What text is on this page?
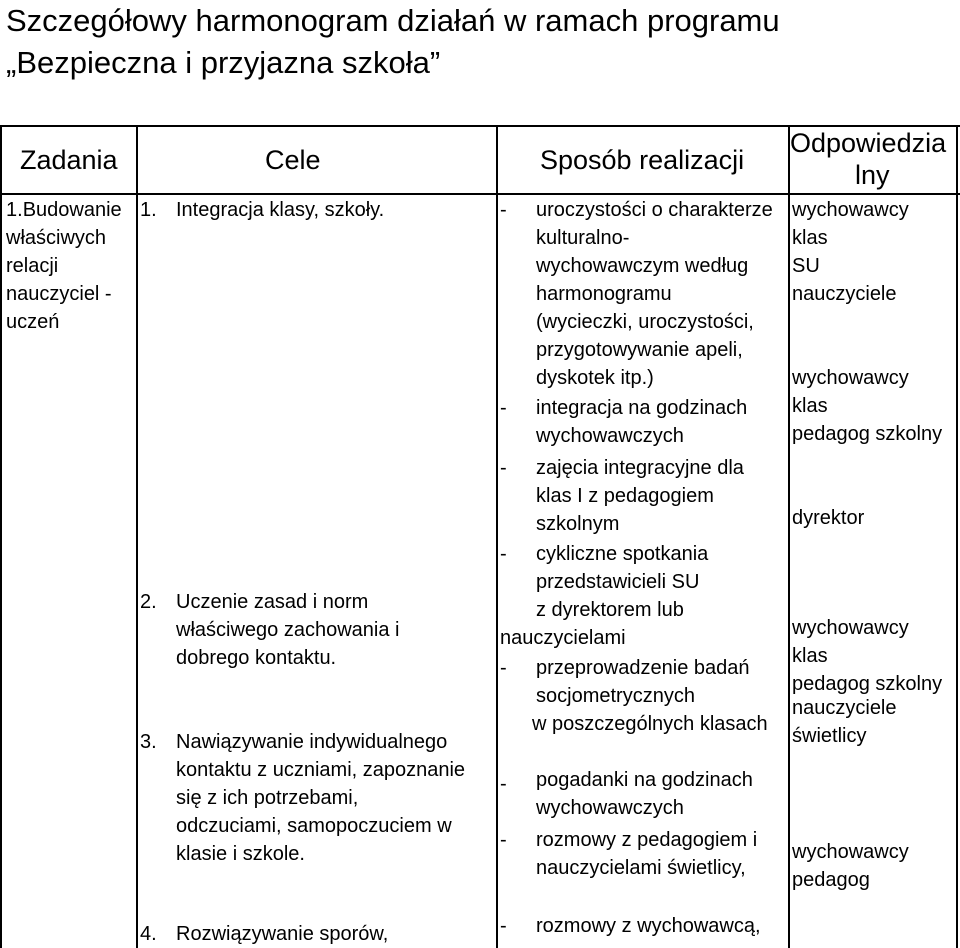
Szczegółowy harmonogram działań w ramach programu
„Bezpieczna i przyjazna szkoła”
Zadania	Cele	Sposób realizacji
Odpowiedzia
lny
1.Budowanie
właściwych
relacji
nauczyciel -
uczeń
1. Integracja klasy, szkoły.
2. Uczenie zasad i norm
właściwego zachowania i
dobrego kontaktu.
3. Nawiązywanie indywidualnego
kontaktu z uczniami, zapoznanie
się z ich potrzebami,
odczuciami, samopoczuciem w
klasie i szkole.
4. Rozwiązywanie sporów,
- uroczystości o charakterze
kulturalno-
wychowawczym według
harmonogramu
(wycieczki, uroczystości,
przygotowywanie apeli,
dyskotek itp.)
- integracja na godzinach
wychowawczych
- zajęcia integracyjne dla
klas I z pedagogiem
szkolnym
- cykliczne spotkania
przedstawicieli SU
z dyrektorem lub
nauczycielami
- przeprowadzenie badań
socjometrycznych
w poszczególnych klasach
- pogadanki na godzinach
wychowawczych
- rozmowy z pedagogiem i
nauczycielami świetlicy,
- rozmowy z wychowawcą,
wychowawcy
klas
SU
nauczyciele
wychowawcy
klas
pedagog szkolny
dyrektor
wychowawcy
klas
pedagog szkolny
nauczyciele
świetlicy
wychowawcy
pedagog
